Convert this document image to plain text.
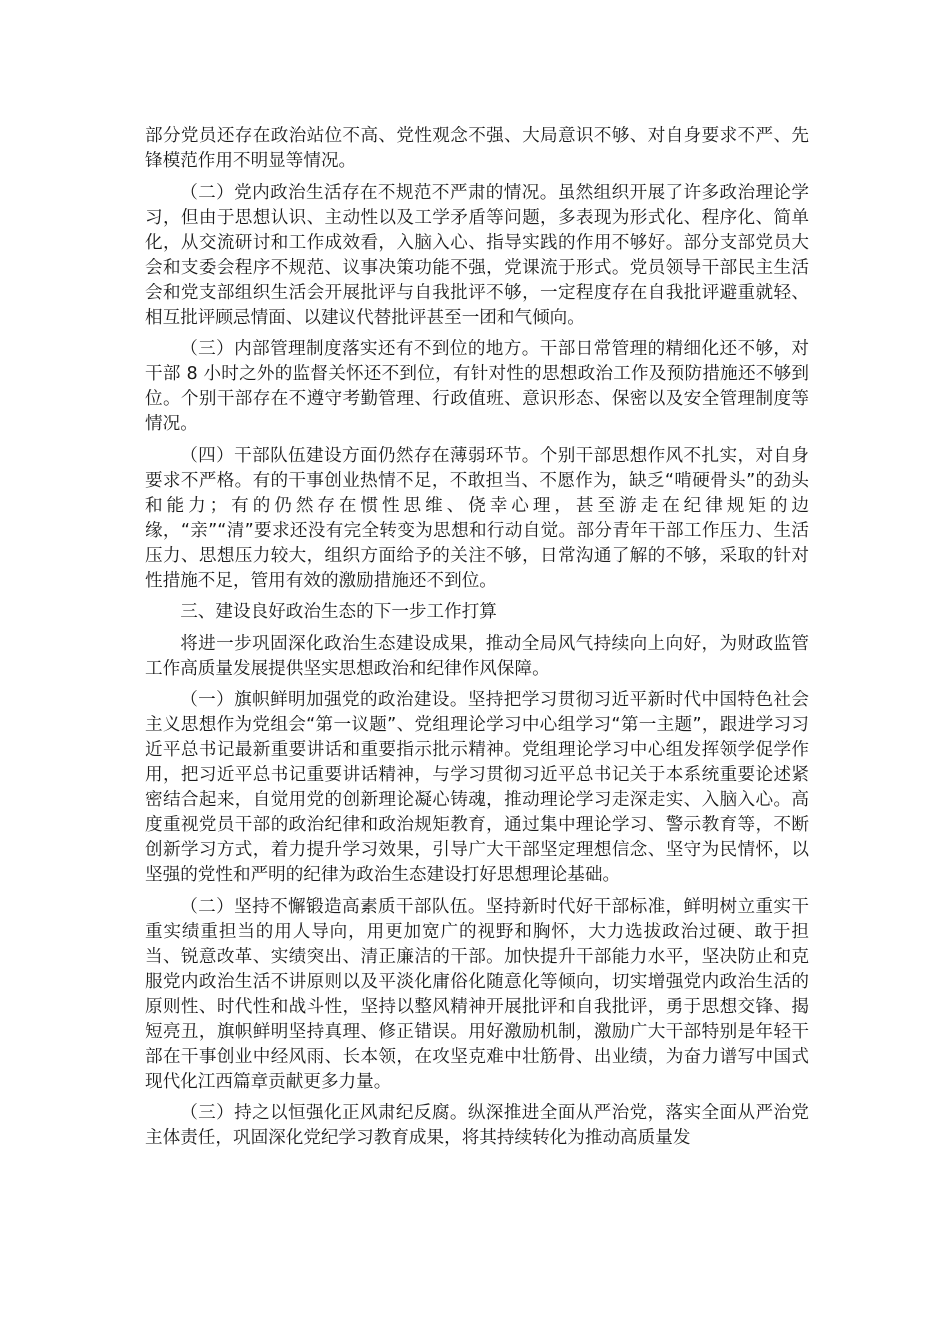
部分党员还存在政治站位不高、党性观念不强、大局意识不够、对自身要求不严、先锋模范作用不明显等情况。

（二）党内政治生活存在不规范不严肃的情况。虽然组织开展了许多政治理论学习，但由于思想认识、主动性以及工学矛盾等问题，多表现为形式化、程序化、简单化，从交流研讨和工作成效看，入脑入心、指导实践的作用不够好。部分支部党员大会和支委会程序不规范、议事决策功能不强，党课流于形式。党员领导干部民主生活会和党支部组织生活会开展批评与自我批评不够，一定程度存在自我批评避重就轻、相互批评顾忌情面、以建议代替批评甚至一团和气倾向。

（三）内部管理制度落实还有不到位的地方。干部日常管理的精细化还不够，对干部 8 小时之外的监督关怀还不到位，有针对性的思想政治工作及预防措施还不够到位。个别干部存在不遵守考勤管理、行政值班、意识形态、保密以及安全管理制度等情况。

（四）干部队伍建设方面仍然存在薄弱环节。个别干部思想作风不扎实，对自身要求不严格。有的干事创业热情不足，不敢担当、不愿作为，缺乏“啃硬骨头”的劲头和能力；有的仍然存在惯性思维、侥幸心理，甚至游走在纪律规矩的边缘，“亲”“清”要求还没有完全转变为思想和行动自觉。部分青年干部工作压力、生活压力、思想压力较大，组织方面给予的关注不够，日常沟通了解的不够，采取的针对性措施不足，管用有效的激励措施还不到位。

三、建设良好政治生态的下一步工作打算

将进一步巩固深化政治生态建设成果，推动全局风气持续向上向好，为财政监管工作高质量发展提供坚实思想政治和纪律作风保障。

（一）旗帜鲜明加强党的政治建设。坚持把学习贯彻习近平新时代中国特色社会主义思想作为党组会“第一议题”、党组理论学习中心组学习“第一主题”，跟进学习习近平总书记最新重要讲话和重要指示批示精神。党组理论学习中心组发挥领学促学作用，把习近平总书记重要讲话精神，与学习贯彻习近平总书记关于本系统重要论述紧密结合起来，自觉用党的创新理论凝心铸魂，推动理论学习走深走实、入脑入心。高度重视党员干部的政治纪律和政治规矩教育，通过集中理论学习、警示教育等，不断创新学习方式，着力提升学习效果，引导广大干部坚定理想信念、坚守为民情怀，以坚强的党性和严明的纪律为政治生态建设打好思想理论基础。

（二）坚持不懈锻造高素质干部队伍。坚持新时代好干部标准，鲜明树立重实干重实绩重担当的用人导向，用更加宽广的视野和胸怀，大力选拔政治过硬、敢于担当、锐意改革、实绩突出、清正廉洁的干部。加快提升干部能力水平，坚决防止和克服党内政治生活不讲原则以及平淡化庸俗化随意化等倾向，切实增强党内政治生活的原则性、时代性和战斗性，坚持以整风精神开展批评和自我批评，勇于思想交锋、揭短亮丑，旗帜鲜明坚持真理、修正错误。用好激励机制，激励广大干部特别是年轻干部在干事创业中经风雨、长本领，在攻坚克难中壮筋骨、出业绩，为奋力谱写中国式现代化江西篇章贡献更多力量。

（三）持之以恒强化正风肃纪反腐。纵深推进全面从严治党，落实全面从严治党主体责任，巩固深化党纪学习教育成果，将其持续转化为推动高质量发
